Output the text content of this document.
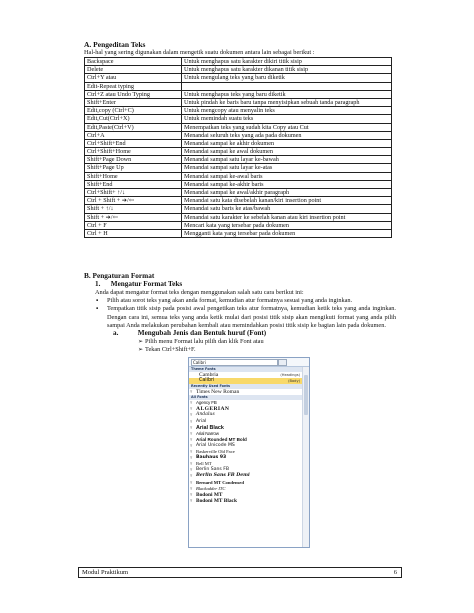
A. Pengeditan Teks
Hal-hal yang sering digunakan dalam mengetik suatu dokumen antara lain sebagai berikut :
Backspace	Untuk menghapus satu karakter dikiri titik sisip
Delete	Untuk menghapus satu karakter dikanan titik sisip
Ctrl+Y atau	Untuk mengulang teks yang baru diketik
Edit-Repeat typing	
Ctrl+Z atau Undo Typing	Untuk menghapus teks yang baru diketik
Shift+Enter	Untuk pindah ke baris baru tanpa menyisipkan sebuah tanda paragraph
Edit,copy (Ctrl+C)	Untuk mengcopy atau menyalin teks
Edit,Cut(Ctrl+X)	Untuk memindah suatu teks
Edit,Paste(Ctrl+V)	Menempatkan teks yang sudah kita Copy atau Cut
Ctrl+A	Menandai seluruh teks yang ada pada dokumen
Ctrl+Shift+End	Menandai sampai ke akhir dokumen
Ctrl+Shift+Home	Menandai sampai ke awal dokumen
Shift+Page Down	Menandai sampai satu layar ke-bawah
Shift+Page Up	Menandai sampai satu layar ke-atas
Shift+Home	Menandai sampai ke-awal baris
Shift+End	Menandai sampai ke-akhir baris
Ctrl+Shift+ ↑/↓	Menandai sampai ke awal/akhir paragraph
Ctrl + Shift + ➔/⇦	Menandai satu kata disebelah kanan/kiri insertion point
Shift + ↑/↓	Menandai satu baris ke atas/bawah
Shift + ➔/⇦	Menandai satu karakter ke sebelah kanan atau kiri insertion point
Ctrl + F	Mencari kata yang tersebar pada dokumen
Ctrl + H	Mengganti kata yang tersebar pada dokumen
B. Pengaturan Format
1. Mengatur Format Teks
Anda dapat mengatur format teks dengan menggunakan salah satu cara berikut ini:
▪	Pilih atau sorot teks yang akan anda format, kemudian atur formatnya sesuai yang anda inginkan.
▪	Tempatkan titik sisip pada posisi awal pengetikan teks atur formatnya, kemudian ketik teks yang anda inginkan. Dengan cara ini, semua teks yang anda ketik mulai dari posisi titik sisip akan mengikuti format yang anda pilih sampai Anda melakukan perubahan kembali atau memindahkan posisi titik sisip ke bagian lain pada dokumen.
a.	Mengubah Jenis dan Bentuk huruf (Font)
➢ Pilih menu Format lalu pilih dan klik Font atau
➢ Tekan Ctrl+Shift+F.
Calibri
Theme Fonts
Cambria	(Headings)
Calibri	(Body)
Recently Used Fonts
Ŧ Times New Roman
All Fonts
Ŧ Agency FB
Ŧ ALGERIAN
Ŧ Andalus
Ŧ Arial
Ŧ Arial Black
Ŧ Arial Narrow
Ŧ Arial Rounded MT Bold
Ŧ Arial Unicode MS
Ŧ Baskerville Old Face
Ŧ Bauhaus 93
Ŧ Bell MT
Ŧ Berlin Sans FB
Ŧ Berlin Sans FB Demi
Ŧ Bernard MT Condensed
Ŧ Blackadder ITC
Ŧ Bodoni MT
Ŧ Bodoni MT Black
Modul Praktikum	6
